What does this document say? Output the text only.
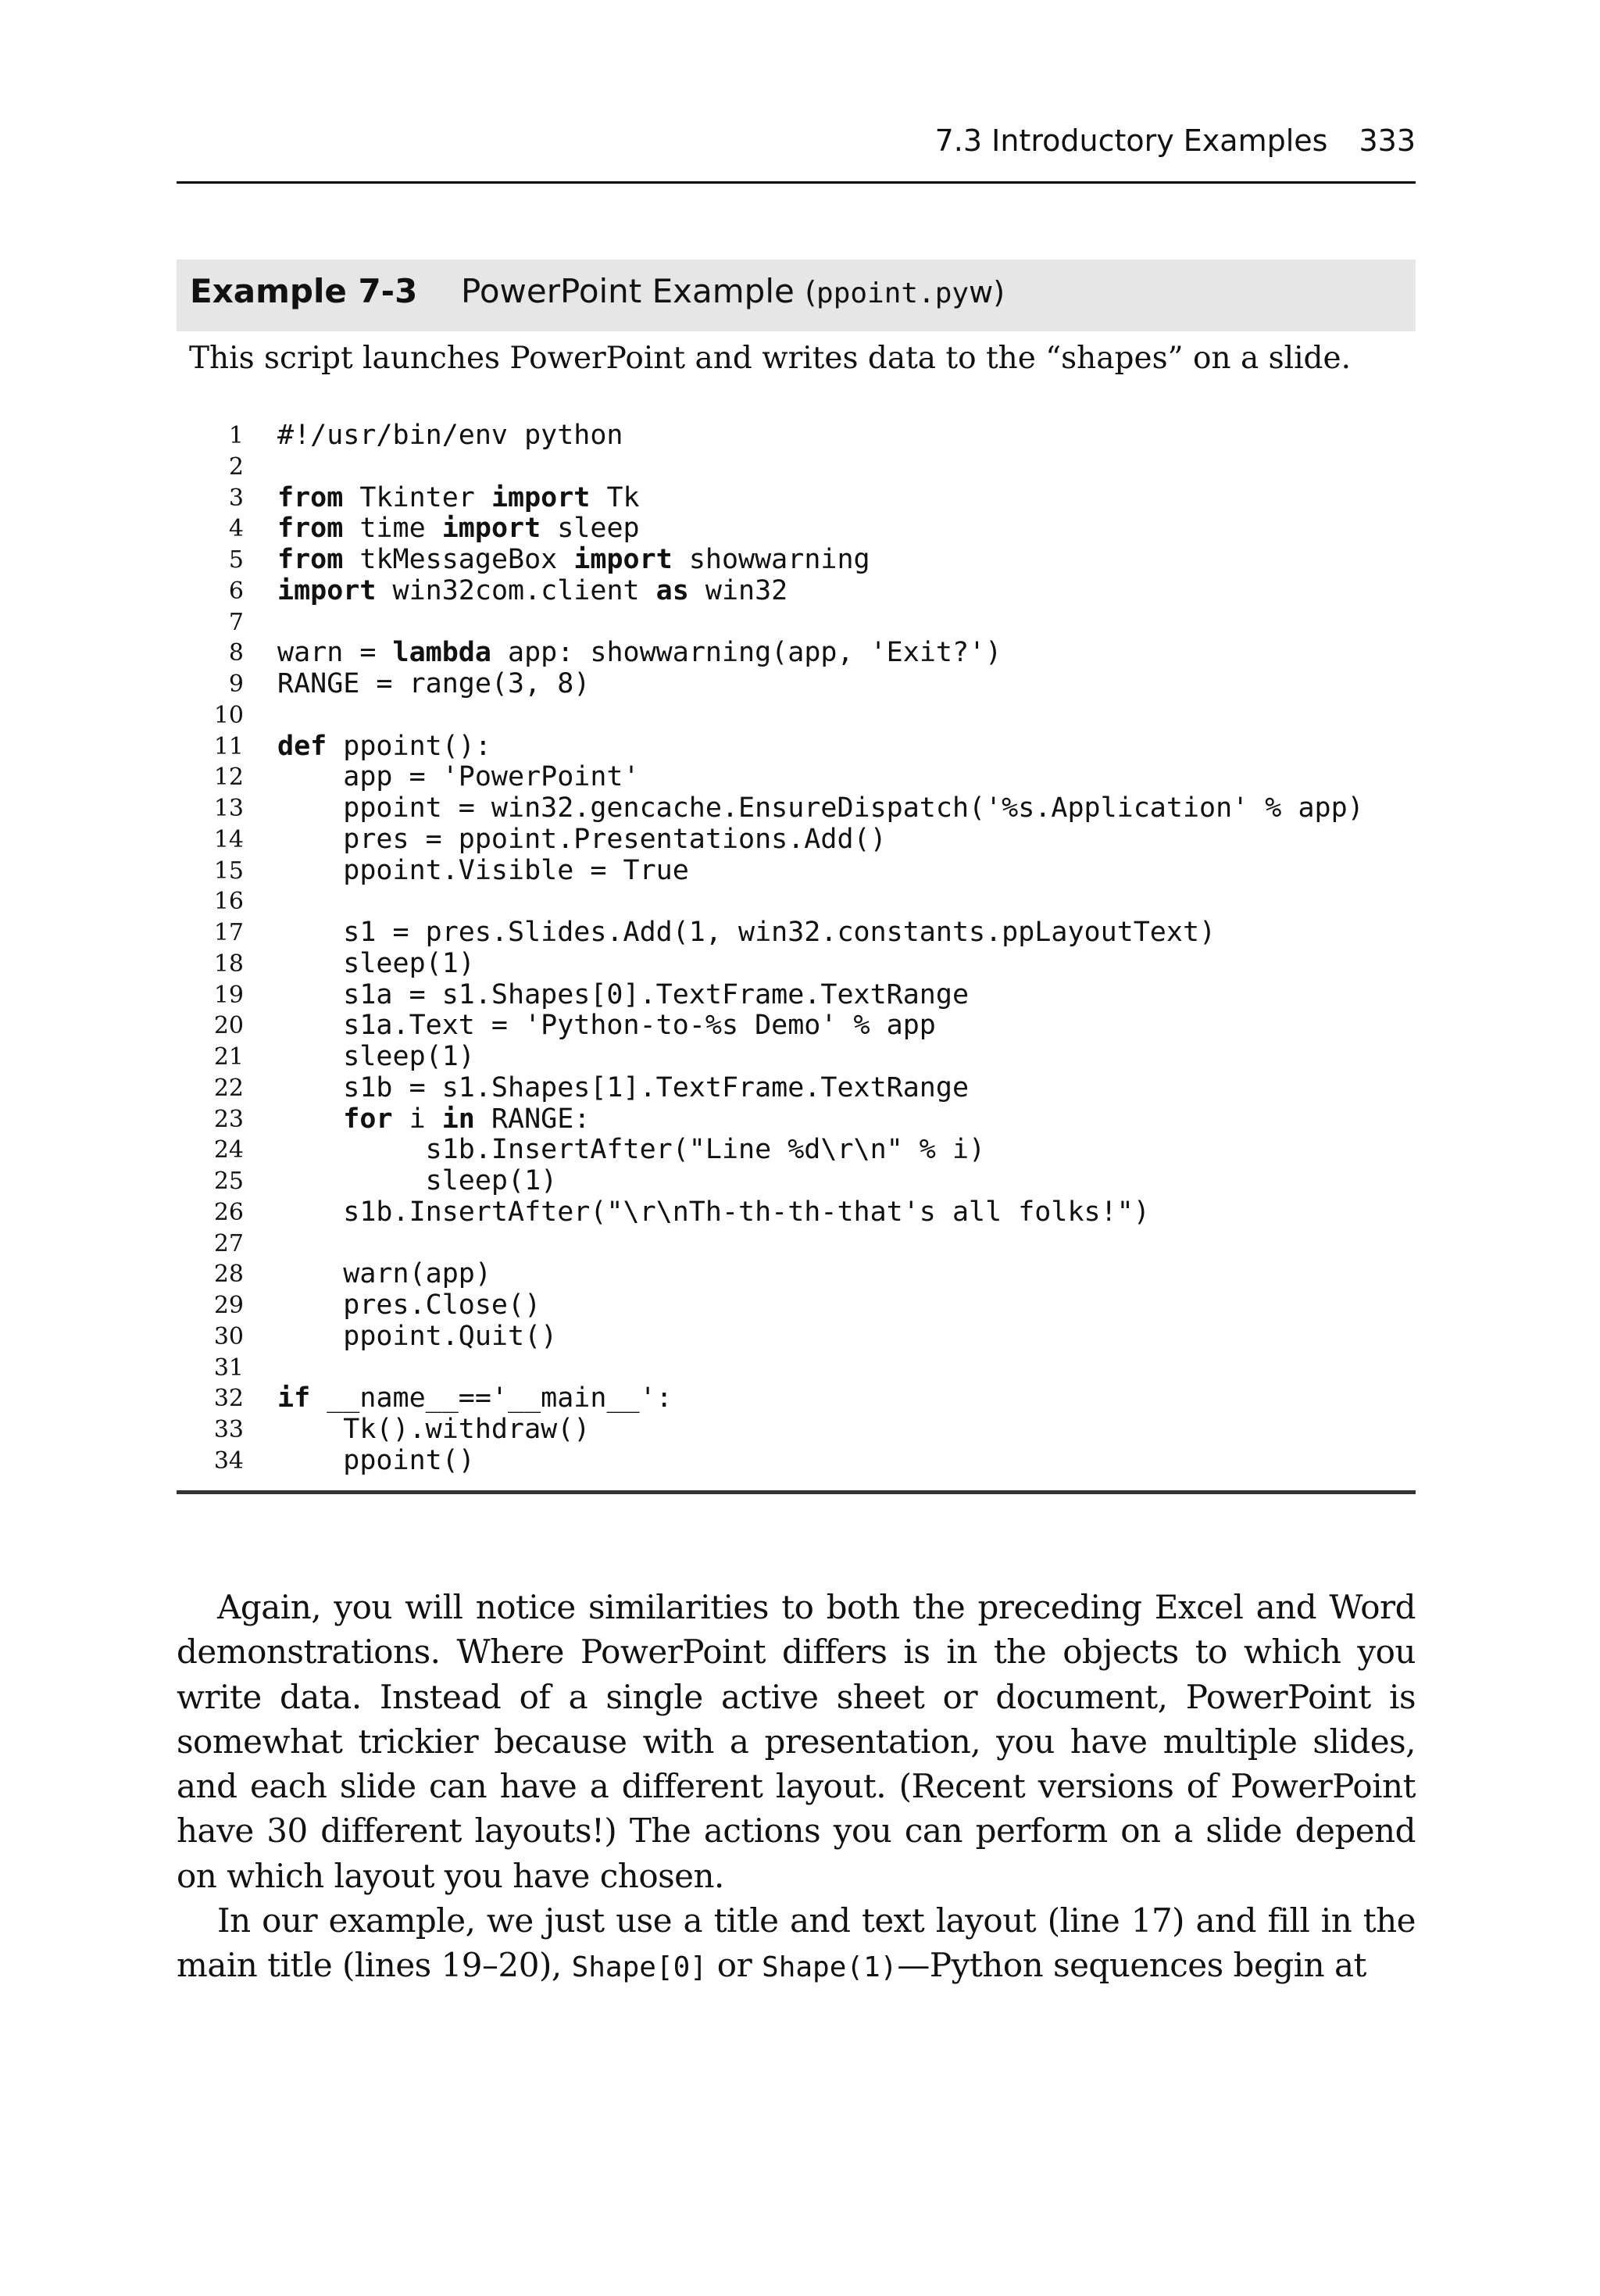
7.3 Introductory Examples 333
Example 7-3 PowerPoint Example (ppoint.pyw)
This script launches PowerPoint and writes data to the “shapes” on a slide.
1 #!/usr/bin/env python
2
3 from Tkinter import Tk
4 from time import sleep
5 from tkMessageBox import showwarning
6 import win32com.client as win32
7
8 warn = lambda app: showwarning(app, 'Exit?')
9 RANGE = range(3, 8)
10
11 def ppoint():
12 app = 'PowerPoint'
13 ppoint = win32.gencache.EnsureDispatch('%s.Application' % app)
14 pres = ppoint.Presentations.Add()
15 ppoint.Visible = True
16
17 s1 = pres.Slides.Add(1, win32.constants.ppLayoutText)
18 sleep(1)
19 s1a = s1.Shapes[0].TextFrame.TextRange
20 s1a.Text = 'Python-to-%s Demo' % app
21 sleep(1)
22 s1b = s1.Shapes[1].TextFrame.TextRange
23	for i in RANGE:
24 s1b.InsertAfter("Line %d\r\n" % i)
25 sleep(1)
26 s1b.InsertAfter("\r\nTh-th-th-that's all folks!")
27
28 warn(app)
29 pres.Close()
30 ppoint.Quit()
31
32 if __name__=='__main__':
33 Tk().withdraw()
34 ppoint()

Again, you will notice similarities to both the preceding Excel and Word demonstrations. Where PowerPoint differs is in the objects to which you write data. Instead of a single active sheet or document, PowerPoint is somewhat trickier because with a presentation, you have multiple slides, and each slide can have a different layout. (Recent versions of PowerPoint have 30 different layouts!) The actions you can perform on a slide depend on which layout you have chosen.

In our example, we just use a title and text layout (line 17) and fill in the main title (lines 19–20), Shape[0] or Shape(1)—Python sequences begin at
